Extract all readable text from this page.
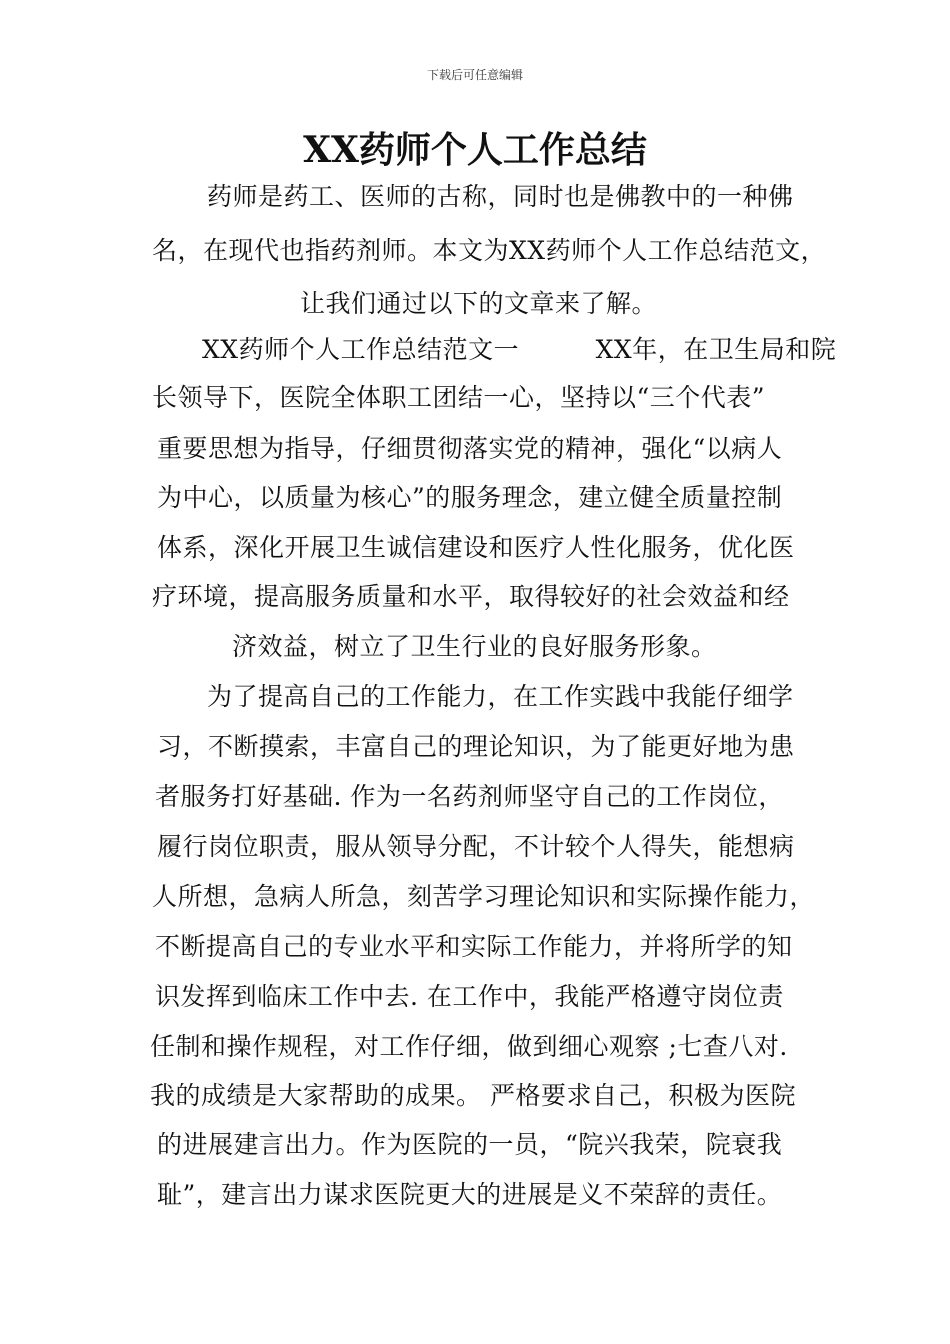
下载后可任意编辑
XX药师个人工作总结
药师是药工、医师的古称，同时也是佛教中的一种佛
名，在现代也指药剂师。本文为XX药师个人工作总结范文，
让我们通过以下的文章来了解。
XX药师个人工作总结范文一　　　XX年，在卫生局和院
长领导下，医院全体职工团结一心，坚持以“三个代表”
重要思想为指导，仔细贯彻落实党的精神，强化“以病人
为中心，以质量为核心”的服务理念，建立健全质量控制
体系，深化开展卫生诚信建设和医疗人性化服务，优化医
疗环境，提高服务质量和水平，取得较好的社会效益和经
济效益，树立了卫生行业的良好服务形象。
为了提高自己的工作能力，在工作实践中我能仔细学
习，不断摸索，丰富自己的理论知识，为了能更好地为患
者服务打好基础. 作为一名药剂师坚守自己的工作岗位，
履行岗位职责，服从领导分配，不计较个人得失，能想病
人所想，急病人所急，刻苦学习理论知识和实际操作能力，
不断提高自己的专业水平和实际工作能力，并将所学的知
识发挥到临床工作中去. 在工作中，我能严格遵守岗位责
任制和操作规程，对工作仔细，做到细心观察 ;七查八对.
我的成绩是大家帮助的成果。 严格要求自己，积极为医院
的进展建言出力。作为医院的一员，“院兴我荣，院衰我
耻”，建言出力谋求医院更大的进展是义不荣辞的责任。
